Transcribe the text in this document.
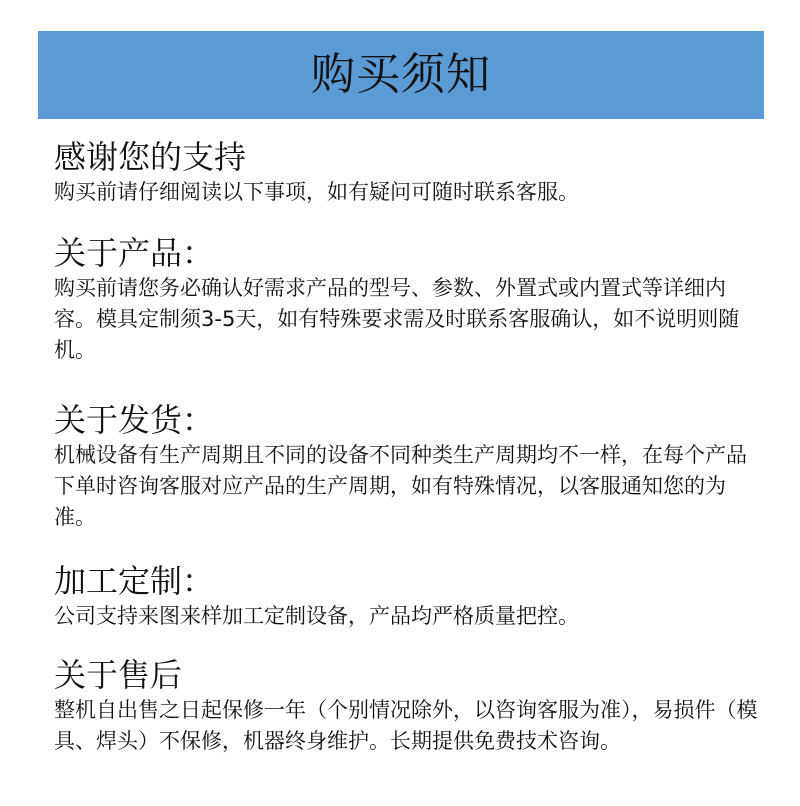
购买须知
感谢您的支持

购买前请仔细阅读以下事项，如有疑问可随时联系客服。

关于产品：

购买前请您务必确认好需求产品的型号、参数、外置式或内置式等详细内容。模具定制须3-5天，如有特殊要求需及时联系客服确认，如不说明则随机。

关于发货：

机械设备有生产周期且不同的设备不同种类生产周期均不一样，在每个产品下单时咨询客服对应产品的生产周期，如有特殊情况，以客服通知您的为准。

加工定制：

公司支持来图来样加工定制设备，产品均严格质量把控。

关于售后

整机自出售之日起保修一年（个别情况除外，以咨询客服为准），易损件（模具、焊头）不保修，机器终身维护。长期提供免费技术咨询。
